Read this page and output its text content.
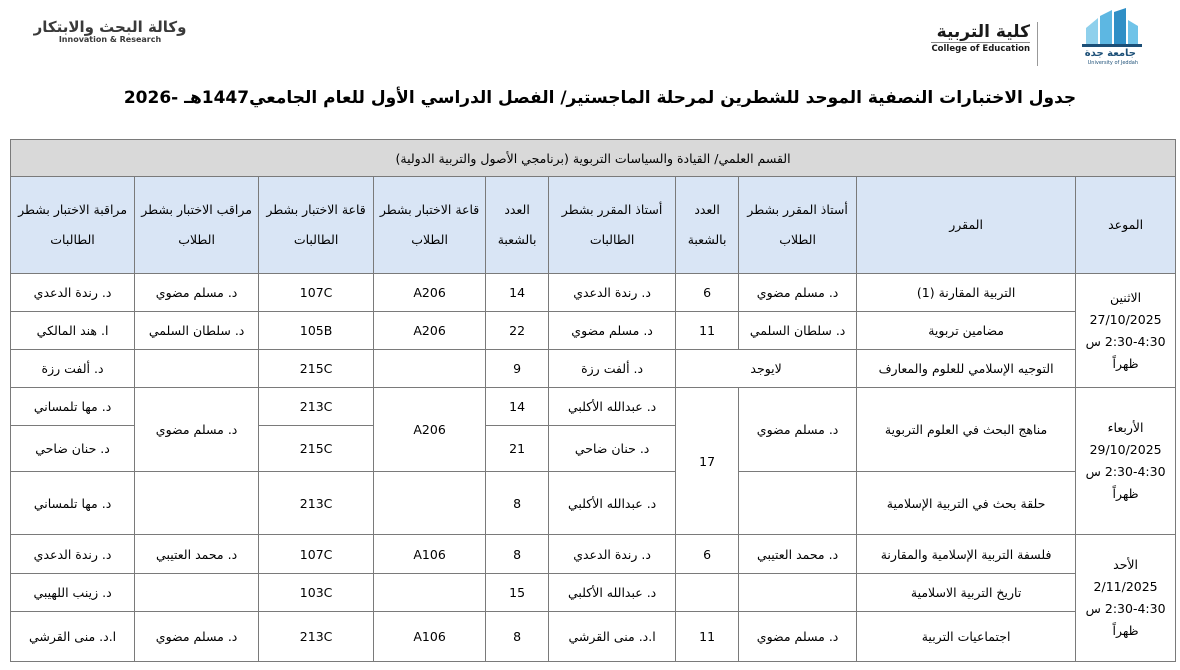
وكالة البحث والابتكار
Innovation & Research	كلية التربية
College of Education	جامعة جدة
University of Jeddah
جدول الاختبارات النصفية الموحد للشطرين لمرحلة الماجستير/ الفصل الدراسي الأول للعام الجامعي1447هـ -2026
القسم العلمي/ القيادة والسياسات التربوية (برنامجي الأصول والتربية الدولية)									
الموعد	المقرر	أستاذ المقرر بشطر الطلاب	العدد بالشعبة	أستاذ المقرر بشطر الطالبات	العدد بالشعبة	قاعة الاختبار بشطر الطلاب	قاعة الاختبار بشطر الطالبات	مراقب الاختبار بشطر الطلاب	مراقبة الاختبار بشطر الطالبات

الاثنين
27/10/2025
2:30-4:30 س
ظهراً	التربية المقارنة (1)	د. مسلم مضوي	6	د. رندة الدعدي	14	A206	107C	د. مسلم مضوي	د. رندة الدعدي
	مضامين تربوية	د. سلطان السلمي	11	د. مسلم مضوي	22	A206	105B	د. سلطان السلمي	ا. هند المالكي
	التوجيه الإسلامي للعلوم والمعارف	لايوجد		د. ألفت رزة	9		215C		د. ألفت رزة

الأربعاء
29/10/2025
2:30-4:30 س
ظهراً	مناهج البحث في العلوم التربوية	د. مسلم مضوي	17	د. عبدالله الأكلبي	14	A206	213C	د. مسلم مضوي	د. مها تلمساني
				د. حنان ضاحي	21		215C		د. حنان ضاحي
	حلقة بحث في التربية الإسلامية			د. عبدالله الأكلبي	8		213C		د. مها تلمساني

الأحد
2/11/2025
2:30-4:30 س
ظهراً	فلسفة التربية الإسلامية والمقارنة	د. محمد العتيبي	6	د. رندة الدعدي	8	A106	107C	د. محمد العتيبي	د. رندة الدعدي
	تاريخ التربية الاسلامية			د. عبدالله الأكلبي	15		103C		د. زينب اللهيبي
	اجتماعيات التربية	د. مسلم مضوي	11	ا.د. منى القرشي	8	A106	213C	د. مسلم مضوي	ا.د. منى القرشي
